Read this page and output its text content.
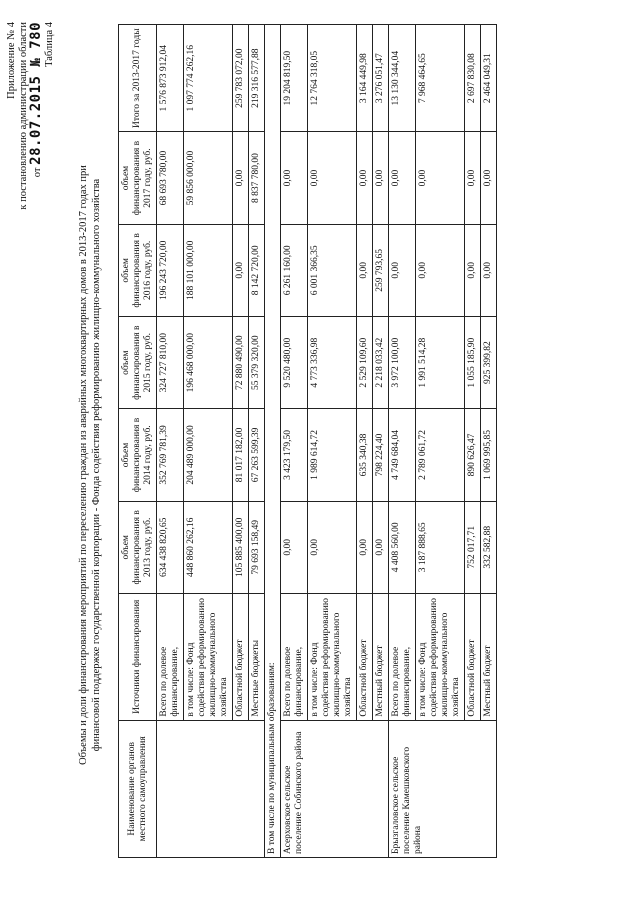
Приложение № 4 к постановлению администрации области от 28.07.2015 № 780 Таблица 4
Объемы и доли финансирования мероприятий по переселению граждан из аварийных многоквартирных домов в 2013-2017 годах при финансовой поддержке государственной корпорации - Фонда содействия реформированию жилищно-коммунального хозяйства
Наименование органов местного самоуправления	Источники финансирования	объем финансирования в 2013 году, руб.	объем финансирования в 2014 году, руб.	объем финансирования в 2015 году, руб.	объем финансирования в 2016 году, руб.	объем финансирования в 2017 году, руб.	Итого за 2013-2017 годы
	Всего по долевое финансирование,	634 438 820,65	352 769 781,39	324 727 810,00	196 243 720,00	68 693 780,00	1 576 873 912,04
	в том числе: Фонд содействия реформированию жилищно-коммунального хозяйства	448 860 262,16	204 489 000,00	196 468 000,00	188 101 000,00	59 856 000,00	1 097 774 262,16
	Областной бюджет	105 885 400,00	81 017 182,00	72 880 490,00	0,00	0,00	259 783 072,00
	Местные бюджеты	79 693 158,49	67 263 599,39	55 379 320,00	8 142 720,00	8 837 780,00	219 316 577,88
В том числе по муниципальным образованиям:							
Асерховское сельское поселение Собинского района	Всего по долевое финансирование,	0,00	3 423 179,50	9 520 480,00	6 261 160,00	0,00	19 204 819,50
	в том числе: Фонд содействия реформированию жилищно-коммунального хозяйства	0,00	1 989 614,72	4 773 336,98	6 001 366,35	0,00	12 764 318,05
	Областной бюджет	0,00	635 340,38	2 529 109,60	0,00	0,00	3 164 449,98
	Местный бюджет	0,00	798 224,40	2 218 033,42	259 793,65	0,00	3 276 051,47
Брызгаловское сельское поселение Камешковского района	Всего по долевое финансирование,	4 408 560,00	4 749 684,04	3 972 100,00	0,00	0,00	13 130 344,04
	в том числе: Фонд содействия реформированию жилищно-коммунального хозяйства	3 187 888,65	2 789 061,72	1 991 514,28	0,00	0,00	7 968 464,65
	Областной бюджет	752 017,71	890 626,47	1 055 185,90	0,00	0,00	2 697 830,08
	Местный бюджет	332 582,88	1 069 995,85	925 399,82	0,00	0,00	2 464 049,31
